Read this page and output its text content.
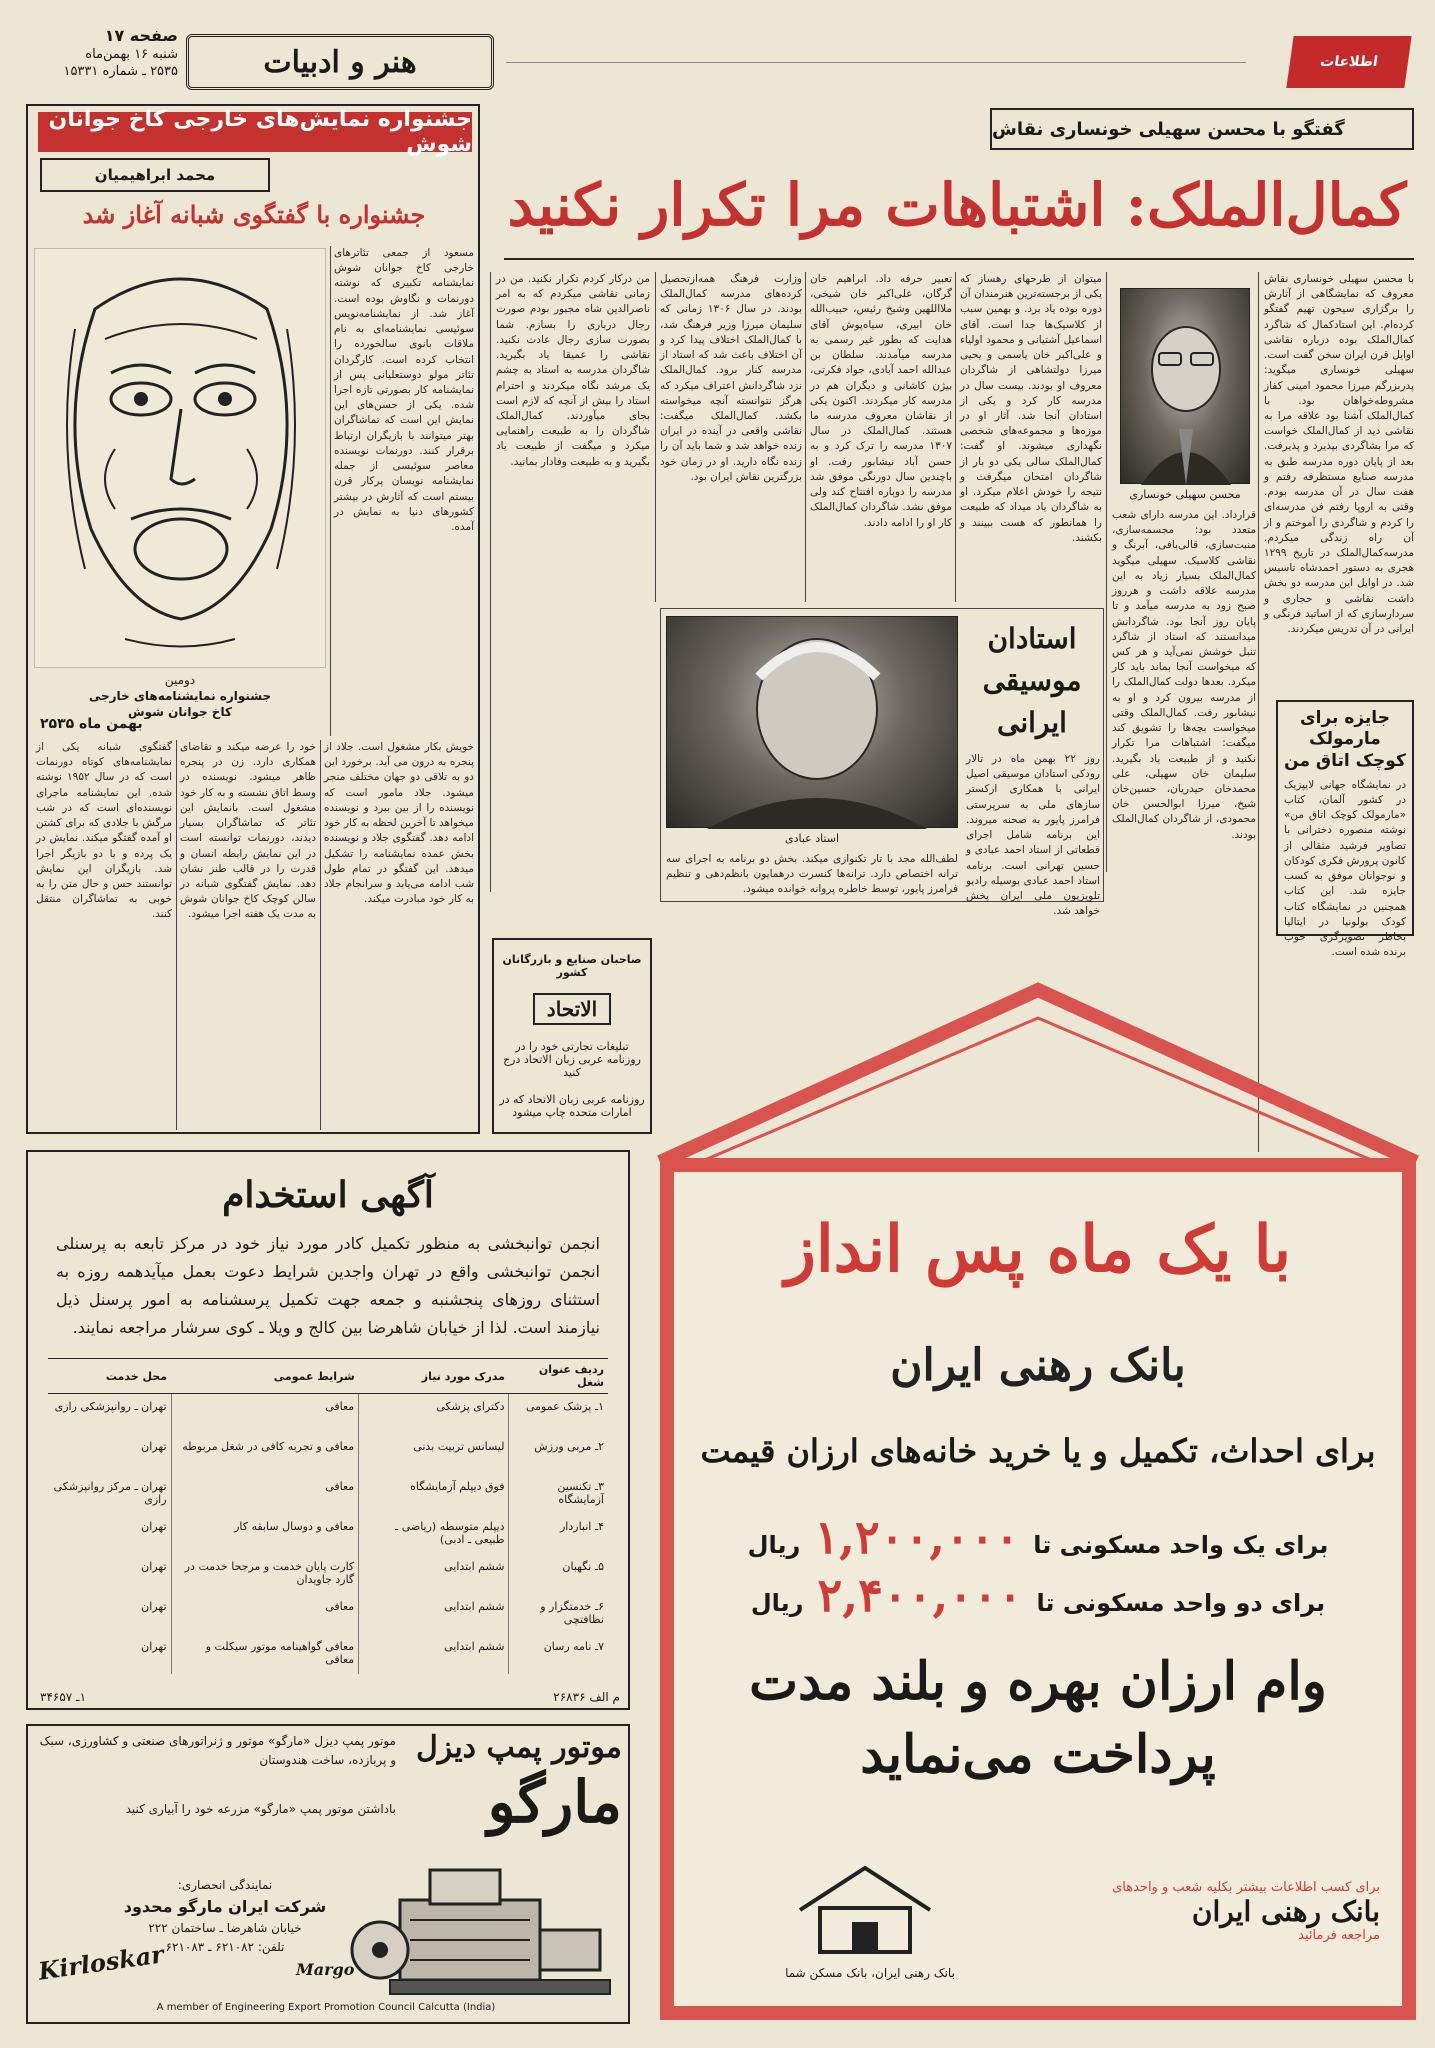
صفحه ۱۷
شنبه ۱۶ بهمن‌ماه
۲۵۳۵ ـ شماره ۱۵۳۳۱	هنر و ادبیات	اطلاعات
جشنواره نمایش‌های خارجی کاخ جوانان شوش
محمد ابراهیمیان
جشنواره با گفتگوی شبانه آغاز شد
دومین
جشنواره نمایشنامه‌های خارجی
کاخ جوانان شوش
بهمن ماه ۲۵۳۵
مسعود از جمعی تئاتر‌های خارجی کاخ جوانان شوش نمایشنامه تکبیری که نوشته دورنمات و نگاوش بوده است. آغاز شد. از نمایشنامه‌نویس سوئیسی نمایشنامه‌ای به نام ملاقات بانوی سالخورده را انتخاب کرده است. کارگردان تئاتر مولو دوستعلیانی پس از نمایشنامه کار بصورتی تازه اجرا شده. یکی از حسن‌های این نمایش این است که تماشاگران بهتر میتوانند با بازیگران ارتباط برقرار کنند. دورنمات نویسنده معاصر سوئیسی از جمله نمایشنامه نویسان پرکار قرن بیستم است که آثارش در بیشتر کشورهای دنیا به نمایش در آمده.
گفتگوی شبانه یکی از نمایشنامه‌های کوتاه دورنمات است که در سال ۱۹۵۲ نوشته شده. این نمایشنامه ماجرای نویسنده‌ای است که در شب مرگش با جلادی که برای کشتن او آمده گفتگو میکند. نمایش در یک پرده و با دو بازیگر اجرا شد. بازیگران این نمایش توانستند حس و حال متن را به خوبی به تماشاگران منتقل کنند.
خود را عرضه میکند و تقاضای همکاری دارد. زن در پنجره ظاهر میشود. نویسنده در وسط اتاق نشسته و به کار خود مشغول است. بانمایش این تئاتر که تماشاگران بسیار دیدند، دورنمات توانسته است در این نمایش رابطه انسان و قدرت را در قالب طنز نشان دهد. نمایش گفتگوی شبانه در سالن کوچک کاخ جوانان شوش به مدت یک هفته اجرا میشود.
خویش بکار مشغول است. جلاد از پنجره به درون می آید. برخورد این دو به تلاقی دو جهان مختلف منجر میشود. جلاد مامور است که نویسنده را از بین ببرد و نویسنده میخواهد تا آخرین لحظه به کار خود ادامه دهد. گفتگوی جلاد و نویسنده بخش عمده نمایشنامه را تشکیل میدهد. این گفتگو در تمام طول شب ادامه می‌یابد و سرانجام جلاد به کار خود مبادرت میکند.
صاحبان صنایع و بازرگانان کشور
الاتحاد
تبلیغات تجارتی خود را در روزنامه عربی زبان الاتحاد درج کنید
روزنامه عربی زبان الاتحاد که در امارات متحده چاپ میشود
گفتگو با محسن سهیلی خونساری نقاش
کمال‌الملک: اشتباهات مرا تکرار نکنید
با محسن سهیلی خونساری نقاش معروف که نمایشگاهی از آثارش را برگزاری سیحون تهیم گفتگو کرده‌ام. این استادکمال که شاگرد کمال‌الملک بوده درباره نقاشی اوایل قرن ایران سخن گفت است. سهیلی خونساری میگوید: پدربزرگم میرزا محمود امینی کفاز مشروطه‌خواهان بود. با کمال‌الملک آشنا بود علاقه مرا به نقاشی دید از کمال‌الملک خواست که مرا بشاگردی بپذیرد و پذیرفت. بعد از پایان دوره مدرسه طبق به مدرسه صنایع مستظرفه رفتم و هفت سال در آن مدرسه بودم. وقتی به اروپا رفتم فن مدرسه‌ای را کردم و شاگردی را آموختم و از آن راه زندگی میکردم. مدرسه‌کمال‌الملک در تاریخ ۱۲۹۹ هجری به دستور احمدشاه تاسیس شد. در اوایل این مدرسه دو بخش داشت نقاشی و حجاری و سردارسازی که از اساتید فرنگی و ایرانی در آن تدریس میکردند.
محسن سهیلی خونساری
قرارداد. این مدرسه دارای شعب متعدد بود: مجسمه‌سازی، منبت‌سازی، قالی‌بافی، آبرنگ و نقاشی کلاسیک. سهیلی میگوید کمال‌الملک بسیار زیاد به این مدرسه علاقه داشت و هرروز صبح زود به مدرسه میآمد و تا پایان روز آنجا بود. شاگردانش میدانستند که استاد از شاگرد تنبل خوشش نمی‌آید و هر کس که میخواست آنجا بماند باید کار میکرد. بعدها دولت کمال‌الملک را از مدرسه بیرون کرد و او به نیشابور رفت. کمال‌الملک وقتی میخواست بچه‌ها را تشویق کند میگفت: اشتباهات مرا تکرار نکنید و از طبیعت یاد بگیرید. سلیمان خان سهیلی، علی محمدخان حیدریان، حسین‌خان شیخ، میرزا ابوالحسن خان محمودی، از شاگردان کمال‌الملک بودند.
میتوان از طرحهای رهساز که یکی از برجسته‌ترین هنرمندان آن دوره بوده یاد برد. و بهمین سبب از کلاسیک‌ها جدا است. آقای اسماعیل آشتیانی و محمود اولیاء و علی‌اکبر خان یاسمی و یحیی میرزا دولتشاهی از شاگردان معروف او بودند. بیست سال در مدرسه کار کرد و یکی از استادان آنجا شد. آثار او در موزه‌ها و مجموعه‌های شخصی نگهداری میشوند. او گفت: کمال‌الملک سالی یکی دو بار از شاگردان امتحان میگرفت و نتیجه را خودش اعلام میکرد. او به شاگردان یاد میداد که طبیعت را همانطور که هست ببینند و بکشند.
تعبیر حرفه داد. ابراهیم خان گرگان، علی‌اکبر خان شیخی، ملااللهین وشیخ رئیس، حبیب‌الله خان ابیری، سیاه‌پوش آقای هدایت که بطور غیر رسمی به مدرسه میآمدند. سلطان بن عبدالله احمد آبادی، جواد فکرتی، بیژن کاشانی و دیگران هم در مدرسه کار میکردند. اکنون یکی از نقاشان معروف مدرسه ما هستند. کمال‌الملک در سال ۱۳۰۷ مدرسه را ترک کرد و به حسن آباد نیشابور رفت. او باچندین سال دورنگی موفق شد مدرسه را دوباره افتتاح کند ولی موفق نشد. شاگردان کمال‌الملک کار او را ادامه دادند.
وزارت فرهنگ همه‌ازتحصیل کرده‌های مدرسه کمال‌الملک بودند. در سال ۱۳۰۶ زمانی که سلیمان میرزا وزیر فرهنگ شد، با کمال‌الملک اختلاف پیدا کرد و آن اختلاف باعث شد که استاد از مدرسه کنار برود. کمال‌الملک نزد شاگردانش اعتراف میکرد که هرگز نتوانسته آنچه میخواسته بکشد. کمال‌الملک میگفت: نقاشی واقعی در آینده در ایران زنده خواهد شد و شما باید آن را زنده نگاه دارید. او در زمان خود بزرگترین نقاش ایران بود.
من درکار کردم تکرار نکنید. من در زمانی نقاشی میکردم که به امر ناصرالدین شاه مجبور بودم صورت رجال درباری را بسازم. شما بصورت سازی رجال عادت نکنید. نقاشی را عمیقا یاد بگیرید. شاگردان مدرسه به استاد به چشم یک مرشد نگاه میکردند و احترام استاد را بیش از آنچه که لازم است بجای میآوردند. کمال‌الملک شاگردان را به طبیعت راهنمایی میکرد و میگفت از طبیعت یاد بگیرید و به طبیعت وفادار بمانید.
استاد عبادی
استادان
موسیقی
ایرانی
روز ۲۲ بهمن ماه در تالار رودکی استادان موسیقی اصیل ایرانی با همکاری ارکستر سازهای ملی به سرپرستی فرامرز پایور به صحنه میروند. این برنامه شامل اجرای قطعاتی از استاد احمد عبادی و حسین تهرانی است. برنامه استاد احمد عبادی بوسیله رادیو تلویزیون ملی ایران پخش خواهد شد.
لطف‌الله مجد با تار تکنوازی میکند. بخش دو برنامه به اجرای سه ترانه اختصاص دارد. ترانه‌ها کنسرت درهمایون بانظم‌دهی و تنظیم فرامرز پایور، توسط خاطره پروانه خوانده میشود.
جایزه برای مارمولک کوچک اتاق من
در نمایشگاه جهانی لایپزیک در کشور آلمان، کتاب «مارمولک کوچک اتاق من» نوشته منصوره دخترانی با تصاویر فرشید مثقالی از کانون پرورش فکری کودکان و نوجوانان موفق به کسب جایزه شد. این کتاب همچنین در نمایشگاه کتاب کودک بولونیا در ایتالیا بخاطر تصویرگری خوب برنده شده است.
آگهی استخدام
انجمن توانبخشی به منظور تکمیل کادر مورد نیاز خود در مرکز تابعه به پرسنلی انجمن توانبخشی واقع در تهران واجدین شرایط دعوت بعمل میآیدهمه روزه به استثنای روزهای پنجشنبه و جمعه جهت تکمیل پرسشنامه به امور پرسنل ذیل نیازمند است. لذا از خیابان شاهرضا بین کالج و ویلا ـ کوی سرشار مراجعه نمایند.
ردیف عنوان شغل	مدرک مورد نیاز	شرایط عمومی	محل خدمت
۱ـ پزشک عمومی	دکترای پزشکی	معافی	تهران ـ روانپزشکی رازی
۲ـ مربی ورزش	لیسانس تربیت بدنی	معافی و تجربه کافی در شغل مربوطه	تهران
۳ـ تکنسین آزمایشگاه	فوق دیپلم آزمایشگاه	معافی	تهران ـ مرکز روانپزشکی رازی
۴ـ انباردار	دیپلم متوسطه (ریاضی ـ طبیعی ـ ادبی)	معافی و دوسال سابقه کار	تهران
۵ـ نگهبان	ششم ابتدایی	کارت پایان خدمت و مرجحا خدمت در گارد جاویدان	تهران
۶ـ خدمتگزار و نظافتچی	ششم ابتدایی	معافی	تهران
۷ـ نامه رسان	ششم ابتدایی	معافی گواهینامه موتور سیکلت و معافی	تهران
م الف ۲۶۸۳۶
۱ـ ۳۴۶۵۷
موتور پمپ دیزل «مارگو» موتور و ژنراتورهای صنعتی و کشاورزی، سبک و پربازده، ساخت هندوستان موتور پمپ دیزل
مارگو
باداشتن موتور پمپ «مارگو» مزرعه خود را آبیاری کنید
نمایندگی انحصاری:
شرکت ایران مارگو محدود
خیابان شاهرضا ـ ساختمان ۲۲۲
تلفن: ۶۲۱۰۸۲ ـ ۶۲۱۰۸۳
Kirloskar	Margo
A member of Engineering Export Promotion Council Calcutta (India)
با یک ماه پس انداز
بانک رهنی ایران
برای احداث، تکمیل و یا خرید خانه‌های ارزان قیمت
برای یک واحد مسکونی تا
۱,۲۰۰,۰۰۰
ریال
برای دو واحد مسکونی تا
۲,۴۰۰,۰۰۰
ریال
وام ارزان بهره و بلند مدت
پرداخت می‌نماید
برای کسب اطلاعات بیشتر بکلیه شعب و واحدهای
بانک رهنی ایران
مراجعه فرمائید
بانک رهنی ایران، بانک مسکن شما
